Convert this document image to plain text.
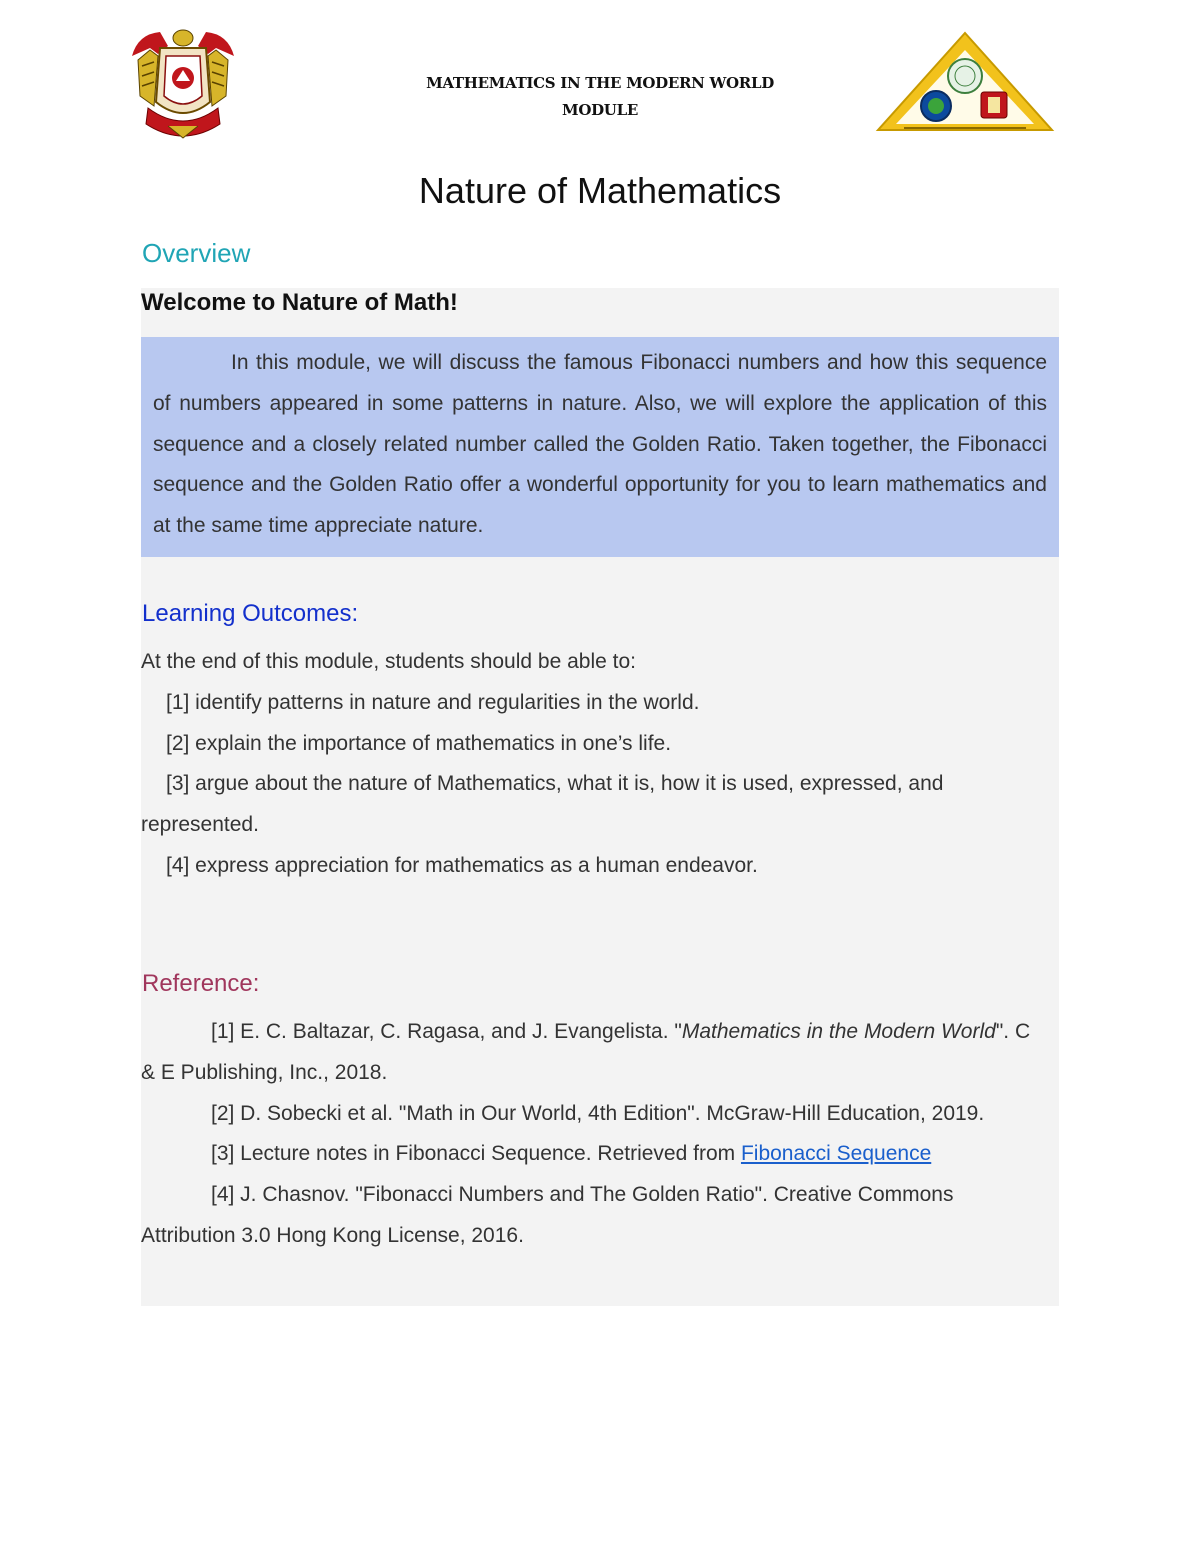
MATHEMATICS IN THE MODERN WORLD
MODULE
Nature of Mathematics
Overview
Welcome to Nature of Math!

In this module, we will discuss the famous Fibonacci numbers and how this sequence of numbers appeared in some patterns in nature. Also, we will explore the application of this sequence and a closely related number called the Golden Ratio. Taken together, the Fibonacci sequence and the Golden Ratio offer a wonderful opportunity for you to learn mathematics and at the same time appreciate nature.

Learning Outcomes:

At the end of this module, students should be able to:

[1] identify patterns in nature and regularities in the world.

[2] explain the importance of mathematics in one’s life.

[3] argue about the nature of Mathematics, what it is, how it is used, expressed, and represented.

[4] express appreciation for mathematics as a human endeavor.

Reference:

[1] E. C. Baltazar, C. Ragasa, and J. Evangelista. "Mathematics in the Modern World". C & E Publishing, Inc., 2018.

[2] D. Sobecki et al. "Math in Our World, 4th Edition". McGraw-Hill Education, 2019.

[3] Lecture notes in Fibonacci Sequence. Retrieved from Fibonacci Sequence

[4] J. Chasnov. "Fibonacci Numbers and The Golden Ratio". Creative Commons Attribution 3.0 Hong Kong License, 2016.
